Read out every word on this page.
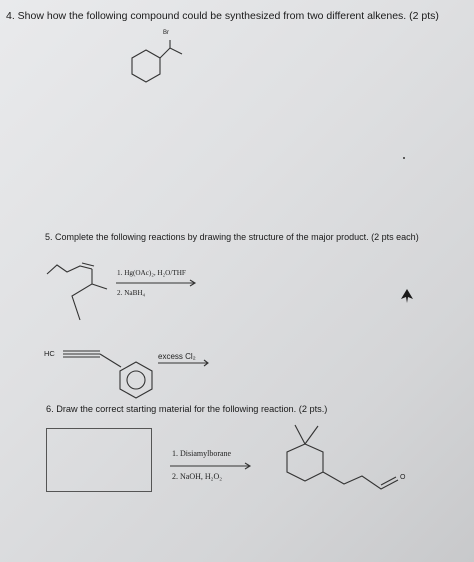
4. Show how the following compound could be synthesized from two different alkenes. (2 pts)
5. Complete the following reactions by drawing the structure of the major product. (2 pts each)
6. Draw the correct starting material for the following reaction. (2 pts.)
Br
1. Hg(OAc)₂, H₂O/THF
2. NaBH₄
HC	excess Cl₂
1. Disiamylborane
2. NaOH, H₂O₂	O
